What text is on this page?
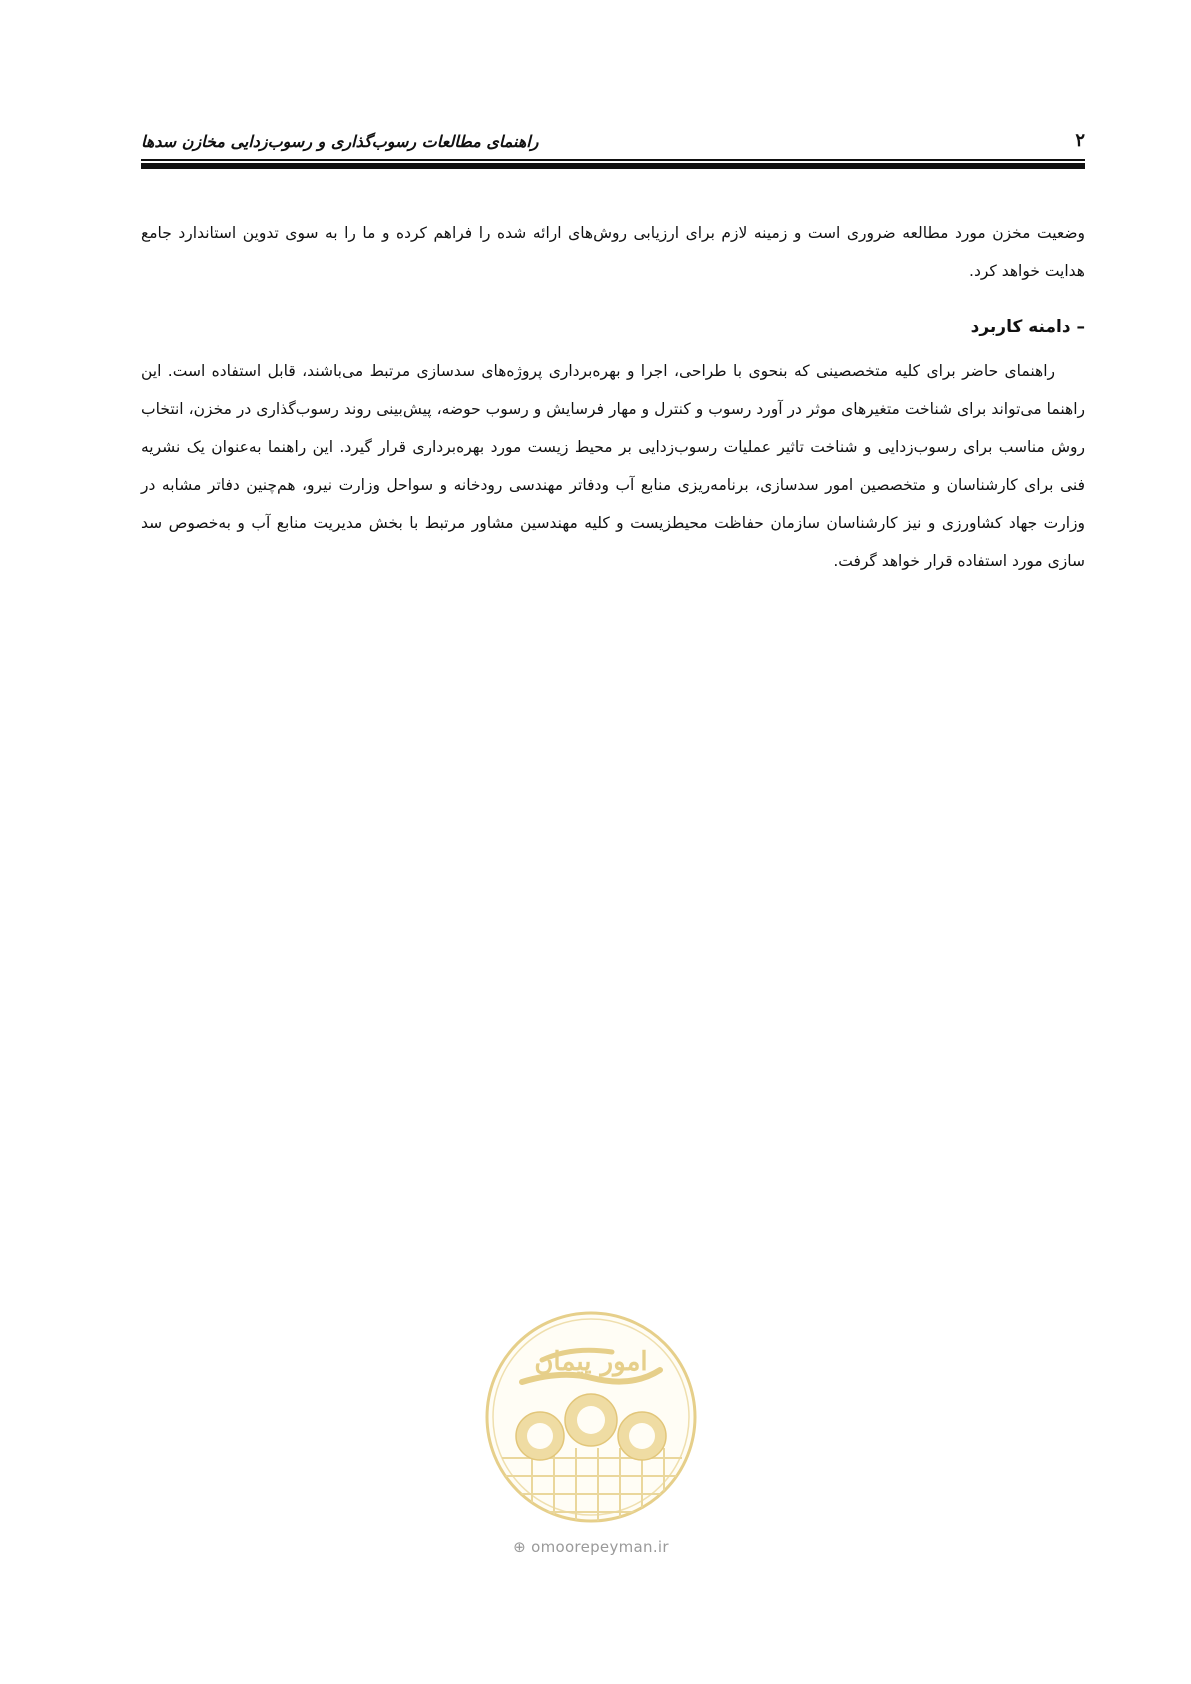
راهنمای مطالعات رسوب‌گذاری و رسوب‌زدایی مخازن سدها	۲

وضعیت مخزن مورد مطالعه ضروری است و زمینه لازم برای ارزیابی روش‌های ارائه شده را فراهم کرده و ما را به سوی تدوین استاندارد جامع هدایت خواهد کرد.

– دامنه کاربرد

راهنمای حاضر برای کلیه متخصصینی که بنحوی با طراحی، اجرا و بهره‌برداری پروژه‌های سدسازی مرتبط می‌باشند، قابل استفاده است. این راهنما می‌تواند برای شناخت متغیرهای موثر در آورد رسوب و کنترل و مهار فرسایش و رسوب حوضه، پیش‌بینی روند رسوب‌گذاری در مخزن، انتخاب روش مناسب برای رسوب‌زدایی و شناخت تاثیر عملیات رسوب‌زدایی بر محیط زیست مورد بهره‌برداری قرار گیرد. این راهنما به‌عنوان یک نشریه فنی برای کارشناسان و متخصصین امور سدسازی، برنامه‌ریزی منابع آب ودفاتر مهندسی رودخانه و سواحل وزارت نیرو، هم‌چنین دفاتر مشابه در وزارت جهاد کشاورزی و نیز کارشناسان سازمان حفاظت محیطزیست و کلیه مهندسین مشاور مرتبط با بخش مدیریت منابع آب و به‌خصوص سد سازی مورد استفاده قرار خواهد گرفت.

امور پیمان
⊕ omoorepeyman.ir
